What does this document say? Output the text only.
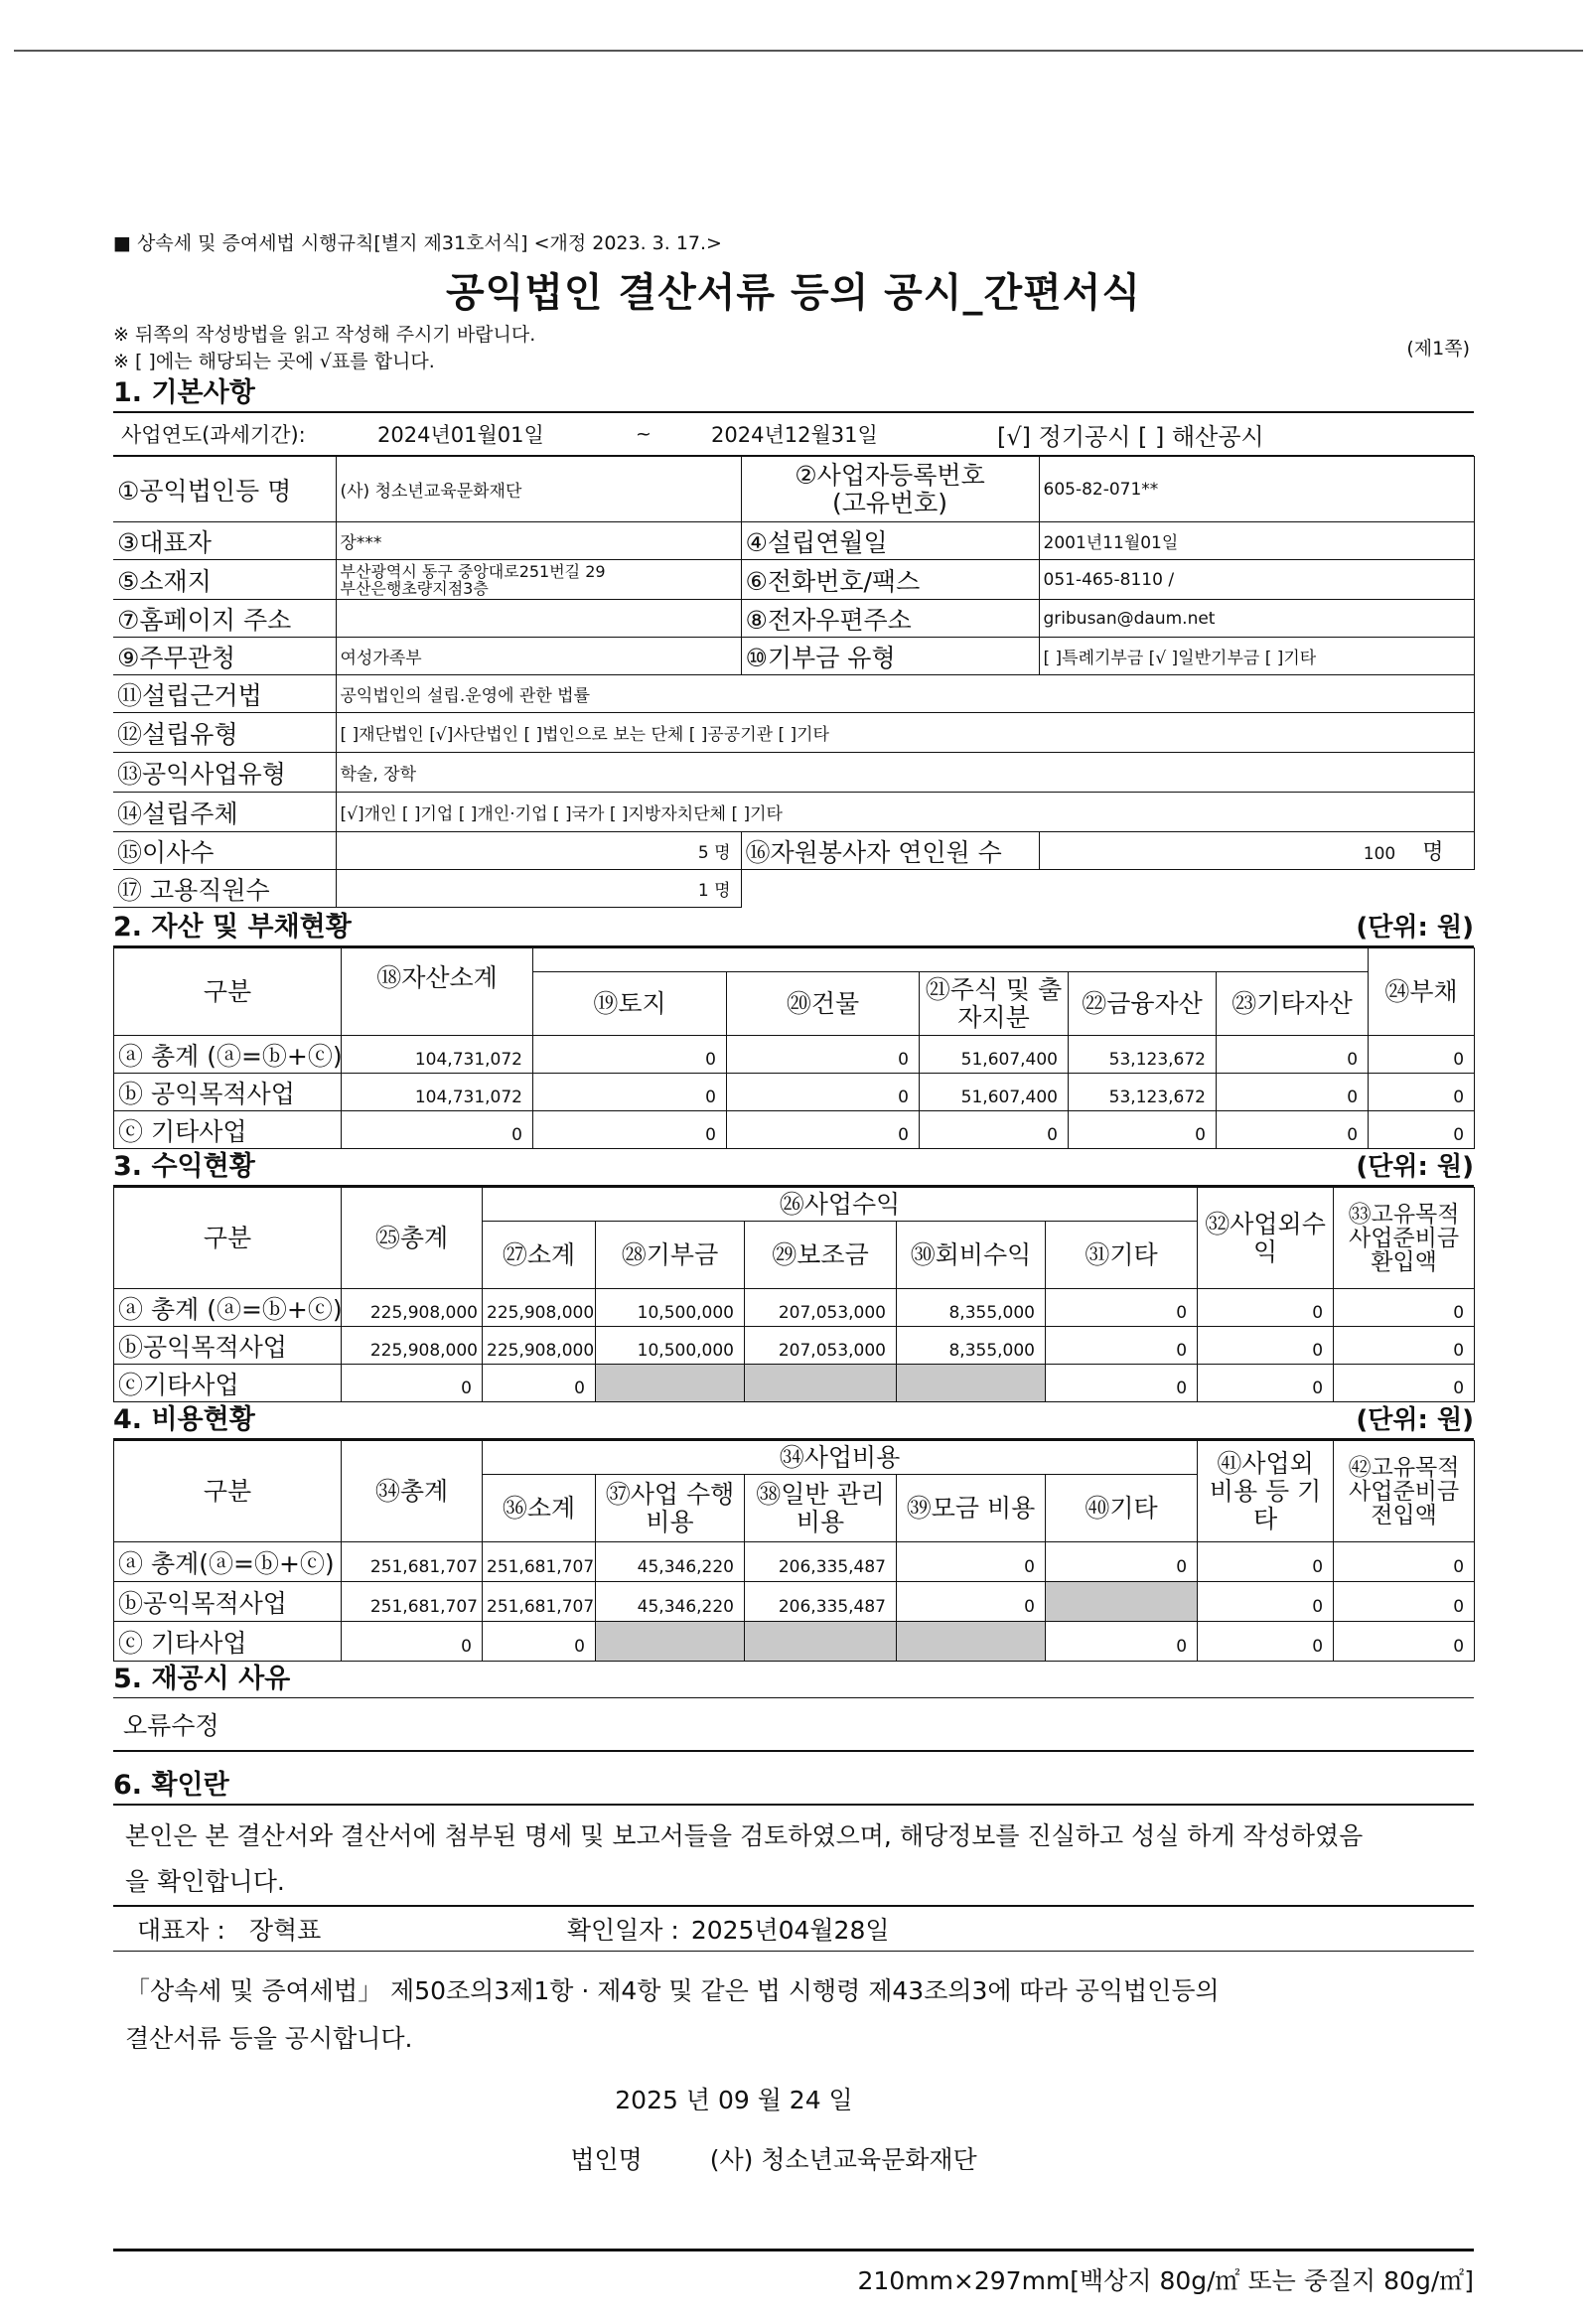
■ 상속세 및 증여세법 시행규칙[별지 제31호서식] <개정 2023. 3. 17.>
공익법인 결산서류 등의 공시_간편서식
※ 뒤쪽의 작성방법을 읽고 작성해 주시기 바랍니다.
※ [ ]에는 해당되는 곳에 √표를 합니다.
(제1쪽)
1. 기본사항
사업연도(과세기간):	2024년01월01일	~	2024년12월31일	[√] 정기공시 [ ] 해산공시
①공익법인등 명	(사) 청소년교육문화재단	②사업자등록번호
(고유번호)	605-82-071**
③대표자	장***	④설립연월일	2001년11월01일
⑤소재지	부산광역시 동구 중앙대로251번길 29
부산은행초량지점3층	⑥전화번호/팩스	051-465-8110 /
⑦홈페이지 주소		⑧전자우편주소	gribusan@daum.net
⑨주무관청	여성가족부	⑩기부금 유형	[ ]특례기부금 [√ ]일반기부금 [ ]기타
⑪설립근거법	공익법인의 설립.운영에 관한 법률		
⑫설립유형	[ ]재단법인 [√]사단법인 [ ]법인으로 보는 단체 [ ]공공기관 [ ]기타		
⑬공익사업유형	학술, 장학		
⑭설립주체	[√]개인 [ ]기업 [ ]개인·기업 [ ]국가 [ ]지방자치단체 [ ]기타		
⑮이사수	5 명	⑯자원봉사자 연인원 수	100 명
⑰ 고용직원수	1 명		
2. 자산 및 부채현황	(단위: 원)
구분	⑱자산소계						㉔부채
		⑲토지	⑳건물	㉑주식 및 출자지분	㉒금융자산	㉓기타자산	
ⓐ 총계 (ⓐ=ⓑ+ⓒ)	104,731,072	0	0	51,607,400	53,123,672	0	0
ⓑ 공익목적사업	104,731,072	0	0	51,607,400	53,123,672	0	0
ⓒ 기타사업	0	0	0	0	0	0	0
3. 수익현황	(단위: 원)
구분	㉕총계	㉖사업수익					㉜사업외수익	㉝고유목적사업준비금환입액
		㉗소계	㉘기부금	㉙보조금	㉚회비수익	㉛기타		
ⓐ 총계 (ⓐ=ⓑ+ⓒ)	225,908,000	225,908,000	10,500,000	207,053,000	8,355,000	0	0	0
ⓑ공익목적사업	225,908,000	225,908,000	10,500,000	207,053,000	8,355,000	0	0	0
ⓒ기타사업	0	0				0	0	0
4. 비용현황	(단위: 원)
구분	㉞총계	㉞사업비용					㊶사업외 비용 등 기타	㊷고유목적 사업준비금 전입액
		㊱소계	㊲사업 수행비용	㊳일반 관리비용	㊴모금 비용	㊵기타		
ⓐ 총계(ⓐ=ⓑ+ⓒ)	251,681,707	251,681,707	45,346,220	206,335,487	0	0	0	0
ⓑ공익목적사업	251,681,707	251,681,707	45,346,220	206,335,487	0		0	0
ⓒ 기타사업	0	0				0	0	0
5. 재공시 사유
오류수정
6. 확인란
본인은 본 결산서와 결산서에 첨부된 명세 및 보고서들을 검토하였으며, 해당정보를 진실하고 성실 하게 작성하였음
을 확인합니다.
대표자 : 장혁표	확인일자 : 2025년04월28일
「상속세 및 증여세법」 제50조의3제1항 · 제4항 및 같은 법 시행령 제43조의3에 따라 공익법인등의
결산서류 등을 공시합니다.
2025 년 09 월 24 일
법인명	(사) 청소년교육문화재단
210mm×297mm[백상지 80g/㎡ 또는 중질지 80g/㎡]
